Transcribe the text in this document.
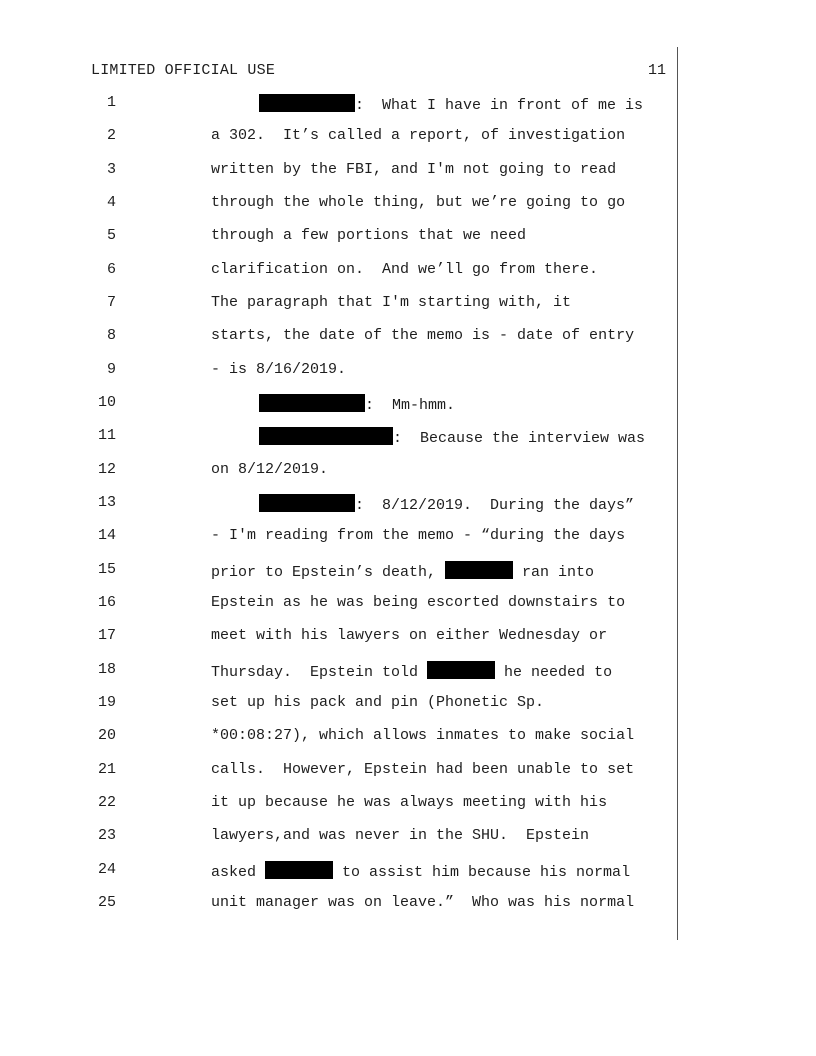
LIMITED OFFICIAL USE	11
1	:  What I have in front of me is
2	a 302.  It’s called a report, of investigation
3	written by the FBI, and I'm not going to read
4	through the whole thing, but we’re going to go
5	through a few portions that we need
6	clarification on.  And we’ll go from there.
7	The paragraph that I'm starting with, it
8	starts, the date of the memo is - date of entry
9	- is 8/16/2019.
10	:  Mm-hmm.
11	:  Because the interview was
12	on 8/12/2019.
13	:  8/12/2019.  During the days”
14	- I'm reading from the memo - “during the days
15	prior to Epstein’s death,	ran into
16	Epstein as he was being escorted downstairs to
17	meet with his lawyers on either Wednesday or
18	Thursday.  Epstein told	he needed to
19	set up his pack and pin (Phonetic Sp.
20	*00:08:27), which allows inmates to make social
21	calls.  However, Epstein had been unable to set
22	it up because he was always meeting with his
23	lawyers,and was never in the SHU.  Epstein
24	asked	to assist him because his normal
25	unit manager was on leave.”  Who was his normal
